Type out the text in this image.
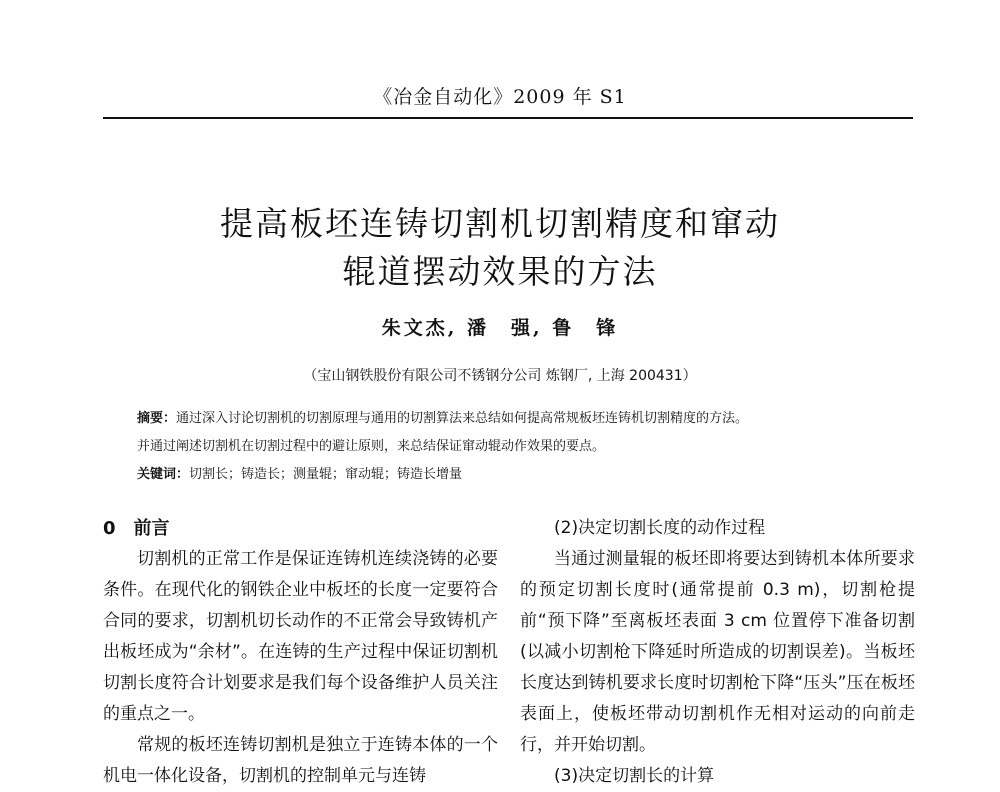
《冶金自动化》2009 年 S1
提高板坯连铸切割机切割精度和窜动
辊道摆动效果的方法
朱文杰, 潘　强, 鲁　锋
（宝山钢铁股份有限公司不锈钢分公司 炼钢厂, 上海 200431）
摘要：通过深入讨论切割机的切割原理与通用的切割算法来总结如何提高常规板坯连铸机切割精度的方法。
并通过阐述切割机在切割过程中的避让原则，来总结保证窜动辊动作效果的要点。
关键词：切割长；铸造长；测量辊；窜动辊；铸造长增量

0 前言

切割机的正常工作是保证连铸机连续浇铸的必要条件。在现代化的钢铁企业中板坯的长度一定要符合合同的要求，切割机切长动作的不正常会导致铸机产出板坯成为“余材”。在连铸的生产过程中保证切割机切割长度符合计划要求是我们每个设备维护人员关注的重点之一。

常规的板坯连铸切割机是独立于连铸本体的一个机电一体化设备，切割机的控制单元与连铸

(2)决定切割长度的动作过程

当通过测量辊的板坯即将要达到铸机本体所要求的预定切割长度时(通常提前 0.3 m)，切割枪提前“预下降”至离板坯表面 3 cm 位置停下准备切割(以减小切割枪下降延时所造成的切割误差)。当板坯长度达到铸机要求长度时切割枪下降“压头”压在板坯表面上，使板坯带动切割机作无相对运动的向前走行，并开始切割。

(3)决定切割长的计算
